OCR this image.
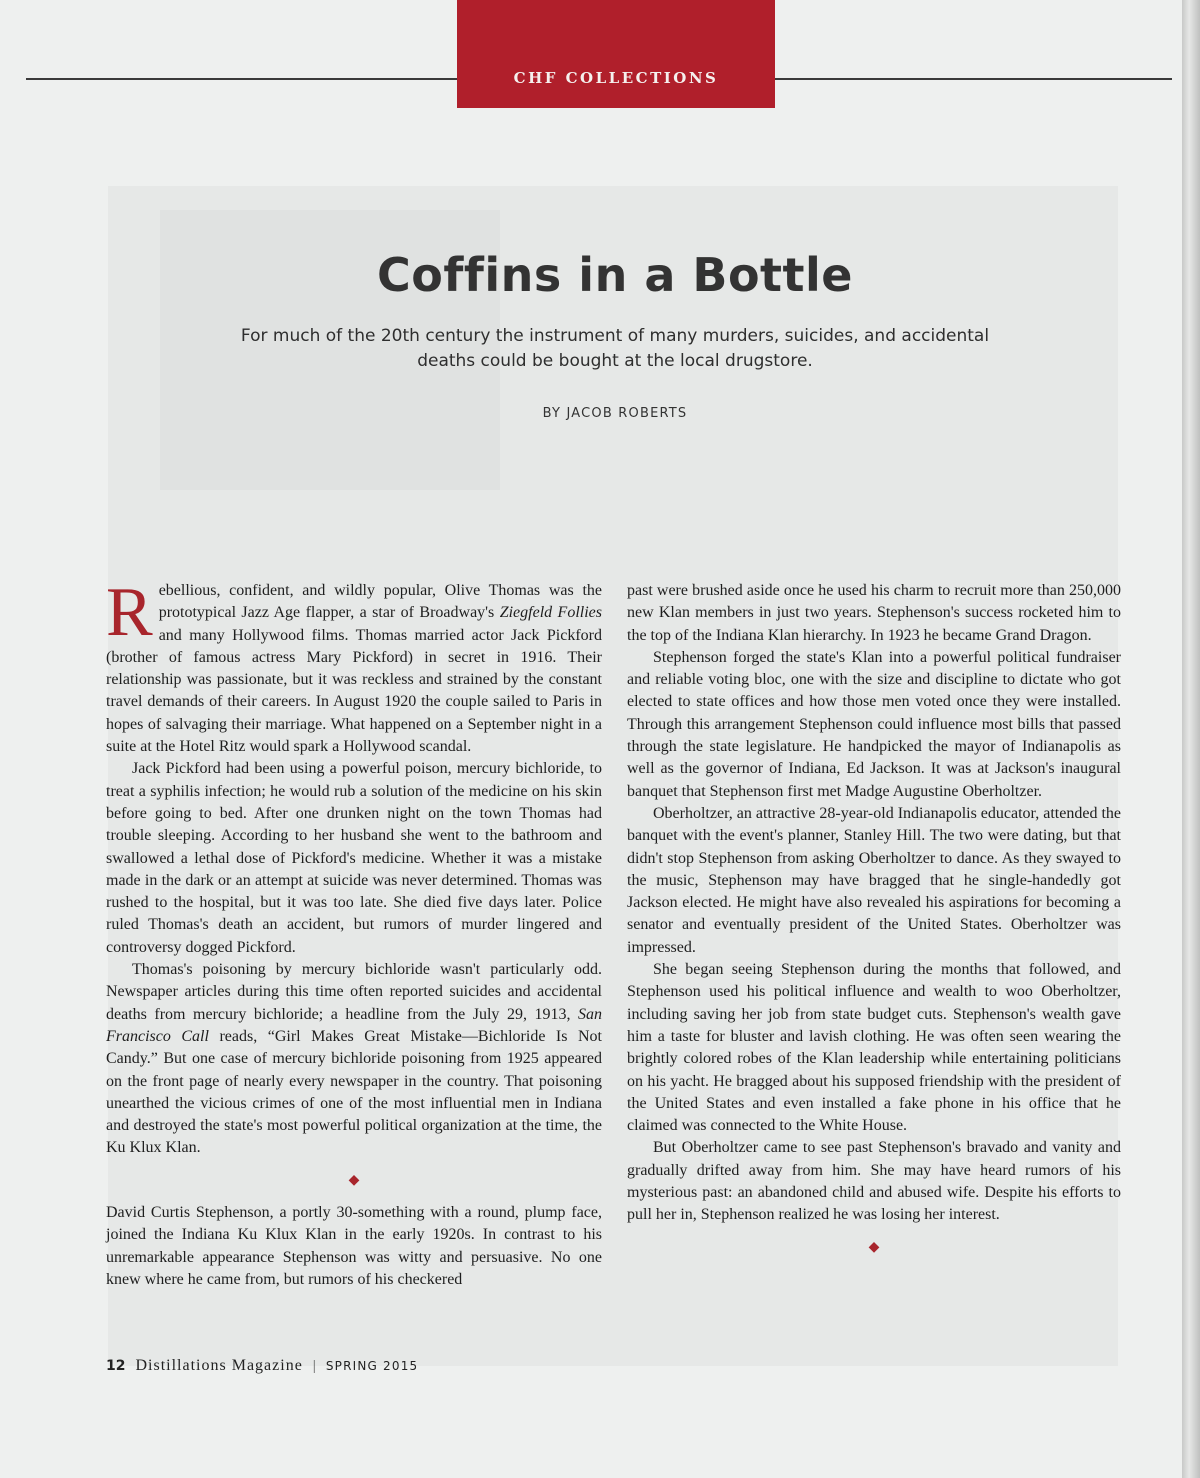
CHF COLLECTIONS
Coffins in a Bottle
For much of the 20th century the instrument of many murders, suicides, and accidental deaths could be bought at the local drugstore.
BY JACOB ROBERTS

Rebellious, confident, and wildly popular, Olive Thomas was the prototypical Jazz Age flapper, a star of Broadway's Ziegfeld Follies and many Hollywood films. Thomas married actor Jack Pickford (brother of famous actress Mary Pickford) in secret in 1916. Their relationship was passionate, but it was reckless and strained by the constant travel demands of their careers. In August 1920 the couple sailed to Paris in hopes of salvaging their marriage. What happened on a September night in a suite at the Hotel Ritz would spark a Hollywood scandal.

Jack Pickford had been using a powerful poison, mercury bichloride, to treat a syphilis infection; he would rub a solution of the medicine on his skin before going to bed. After one drunken night on the town Thomas had trouble sleeping. According to her husband she went to the bathroom and swallowed a lethal dose of Pickford's medicine. Whether it was a mistake made in the dark or an attempt at suicide was never determined. Thomas was rushed to the hospital, but it was too late. She died five days later. Police ruled Thomas's death an accident, but rumors of murder lingered and controversy dogged Pickford.

Thomas's poisoning by mercury bichloride wasn't particularly odd. Newspaper articles during this time often reported suicides and accidental deaths from mercury bichloride; a headline from the July 29, 1913, San Francisco Call reads, “Girl Makes Great Mistake—Bichloride Is Not Candy.” But one case of mercury bichloride poisoning from 1925 appeared on the front page of nearly every newspaper in the country. That poisoning unearthed the vicious crimes of one of the most influential men in Indiana and destroyed the state's most powerful political organization at the time, the Ku Klux Klan.

◆

David Curtis Stephenson, a portly 30-something with a round, plump face, joined the Indiana Ku Klux Klan in the early 1920s. In contrast to his unremarkable appearance Stephenson was witty and persuasive. No one knew where he came from, but rumors of his checkered

past were brushed aside once he used his charm to recruit more than 250,000 new Klan members in just two years. Stephenson's success rocketed him to the top of the Indiana Klan hierarchy. In 1923 he became Grand Dragon.

Stephenson forged the state's Klan into a powerful political fundraiser and reliable voting bloc, one with the size and discipline to dictate who got elected to state offices and how those men voted once they were installed. Through this arrangement Stephenson could influence most bills that passed through the state legislature. He handpicked the mayor of Indianapolis as well as the governor of Indiana, Ed Jackson. It was at Jackson's inaugural banquet that Stephenson first met Madge Augustine Oberholtzer.

Oberholtzer, an attractive 28-year-old Indianapolis educator, attended the banquet with the event's planner, Stanley Hill. The two were dating, but that didn't stop Stephenson from asking Oberholtzer to dance. As they swayed to the music, Stephenson may have bragged that he single-handedly got Jackson elected. He might have also revealed his aspirations for becoming a senator and eventually president of the United States. Oberholtzer was impressed.

She began seeing Stephenson during the months that followed, and Stephenson used his political influence and wealth to woo Oberholtzer, including saving her job from state budget cuts. Stephenson's wealth gave him a taste for bluster and lavish clothing. He was often seen wearing the brightly colored robes of the Klan leadership while entertaining politicians on his yacht. He bragged about his supposed friendship with the president of the United States and even installed a fake phone in his office that he claimed was connected to the White House.

But Oberholtzer came to see past Stephenson's bravado and vanity and gradually drifted away from him. She may have heard rumors of his mysterious past: an abandoned child and abused wife. Despite his efforts to pull her in, Stephenson realized he was losing her interest.

◆
12 Distillations Magazine | SPRING 2015
